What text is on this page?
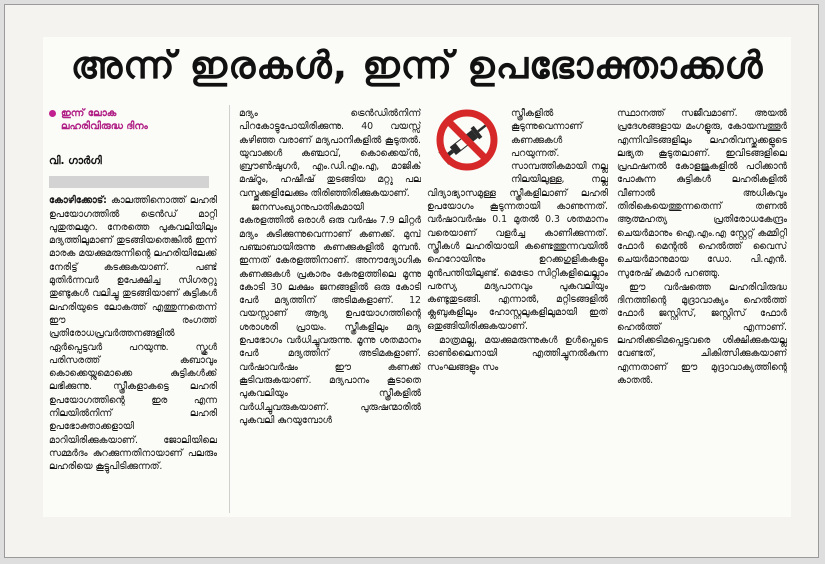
അന്ന് ഇരകൾ, ഇന്ന് ഉപഭോക്താക്കൾ
ഇന്ന് ലോക
ലഹരിവിരുദ്ധ ദിനം
വി. ഗാർഗി

കോഴിക്കോട്: കാലത്തിനൊത്ത് ലഹരി ഉപയോഗത്തിൽ ട്രെൻഡ് മാറ്റി പുതുതലമുറ. നേരത്തെ പുകവലിയിലും മദ്യത്തിലുമാണ് തുടങ്ങിയതെങ്കിൽ ഇന്ന് മാരക മയക്കുമരുന്നിന്റെ ലഹരിയിലേക്ക് നേരിട്ട് കടക്കുകയാണ്. പണ്ട് മുതിർന്നവർ ഉപേക്ഷിച്ച സിഗരറ്റു തുണ്ടുകൾ വലിച്ചു തുടങ്ങിയാണ് കുട്ടികൾ ലഹരിയുടെ ലോകത്ത് എത്തുന്നതെന്ന് ഈ രംഗത്ത് പ്രതിരോധപ്രവർത്തനങ്ങളിൽ ഏർപ്പെട്ടവർ പറയുന്നു. സ്കൂൾ പരിസരത്ത് കബാവും കൊക്കെയ്നുമൊക്കെ കുട്ടികൾക്ക് ലഭിക്കുന്നു. സ്ത്രീകളാകട്ടെ ലഹരി ഉപയോഗത്തിന്റെ ഇര എന്ന നിലയിൽനിന്ന് ലഹരി ഉപഭോക്താക്കളായി മാറിയിരിക്കുകയാണ്. ജോലിയിലെ സമ്മർദം കുറക്കുന്നതിനായാണ് പലരും ലഹരിയെ കൂട്ടുപിടിക്കുന്നത്.

മദ്യം ട്രെൻഡിൽനിന്ന് പിറകോട്ടുപോയിരിക്കുന്നു. 40 വയസ്സ് കഴിഞ്ഞ വരാണ് മദ്യപാനികളിൽ കൂടുതൽ. യുവാക്കൾ കഞ്ചാവ്, കൊക്കെയ്ൻ, ബ്രൗൺഷുഗർ, എം.ഡി.എം.എ, മാജിക് മഷ്റൂം, ഹഷീഷ് തുടങ്ങിയ മറ്റു പല വസ്തുക്കളിലേക്കും തിരിഞ്ഞിരിക്കുകയാണ്.

ജനസംഖ്യാനുപാതികമായി കേരളത്തിൽ ഒരാൾ ഒരു വർഷം 7.9 ലിറ്റർ മദ്യം കുടിക്കുന്നുവെന്നാണ് കണക്ക്. മുമ്പ് പഞ്ചാബായിരുന്നു കണക്കുകളിൽ മുമ്പൻ. ഇന്നത് കേരളത്തിനാണ്. അനൗദ്യോഗിക കണക്കുകൾ പ്രകാരം കേരളത്തിലെ മൂന്നു കോടി 30 ലക്ഷം ജനങ്ങളിൽ ഒരു കോടി പേർ മദ്യത്തിന് അടിമകളാണ്. 12 വയസ്സാണ് ആദ്യ ഉപയോഗത്തിന്റെ ശരാശരി പ്രായം. സ്ത്രീകളിലും മദ്യ ഉപഭോഗം വർധിച്ചുവരുന്നു. മൂന്നു ശതമാനം പേർ മദ്യത്തിന് അടിമകളാണ്. വർഷാവർഷം ഈ കണക്ക് കൂടിവരുകയാണ്. മദ്യപാനം കൂടാതെ പുകവലിയും സ്ത്രീകളിൽ വർധിച്ചുവരുകയാണ്. പുരുഷന്മാരിൽ പുകവലി കുറയുമ്പോൾ

സ്ത്രീകളിൽ കൂടുന്നുവെന്നാണ് കണക്കുകൾ പറയുന്നത്. സാമ്പത്തികമായി നല്ല നിലയിലുള്ള, നല്ല വിദ്യാഭ്യാസമുള്ള സ്ത്രീകളിലാണ് ലഹരി ഉപയോഗം കൂടുന്നതായി കാണുന്നത്. വർഷാവർഷം 0.1 മുതൽ 0.3 ശതമാനം വരെയാണ് വളർച്ച കാണിക്കുന്നത്. സ്ത്രീകൾ ലഹരിയായി കണ്ടെത്തുന്നവയിൽ ഹെറോയിനും ഉറക്കഗുളികകളും മുൻപന്തിയിലുണ്ട്. മെട്രോ സിറ്റികളിലെല്ലാം പരസ്യ മദ്യപാനവും പുകവലിയും കണ്ടുതുടങ്ങി. എന്നാൽ, മറ്റിടങ്ങളിൽ ക്ലബുകളിലും ഹോസ്റ്റലുകളിലുമായി ഇത് ഒതുങ്ങിയിരിക്കുകയാണ്.

മാത്രമല്ല, മയക്കുമരുന്നുകൾ ഉൾപ്പെടെ ഓൺലൈനായി എത്തിച്ചുനൽകുന്ന സംഘങ്ങളും സം

സ്ഥാനത്ത് സജീവമാണ്. അയൽ പ്രദേശങ്ങളായ മംഗളൂരു, കോയമ്പത്തൂർ എന്നിവിടങ്ങളിലും ലഹരിവസ്തുക്കളുടെ ലഭ്യത കൂടുതലാണ്. ഇവിടങ്ങളിലെ പ്രഫഷനൽ കോളജുകളിൽ പഠിക്കാൻ പോകുന്ന കുട്ടികൾ ലഹരികളിൽ വീണാൽ അധികവും തിരികെയെത്തുന്നതെന്ന് തണൽ ആത്മഹത്യ പ്രതിരോധകേന്ദ്രം ചെയർമാനും ഐ.എം.എ സ്റ്റേറ്റ് കമ്മിറ്റി ഫോർ മെന്റൽ ഹെൽത്ത് വൈസ് ചെയർമാനുമായ ഡോ. പി.എൻ. സുരേഷ് കുമാർ പറഞ്ഞു.

ഈ വർഷത്തെ ലഹരിവിരുദ്ധ ദിനത്തിന്റെ മുദ്രാവാക്യം ഹെൽത്ത് ഫോർ ജസ്റ്റിസ്, ജസ്റ്റിസ് ഫോർ ഹെൽത്ത് എന്നാണ്. ലഹരിക്കടിമപ്പെട്ടവരെ ശിക്ഷിക്കുകയല്ല വേണ്ടത്, ചികിത്സിക്കുകയാണ് എന്നതാണ് ഈ മുദ്രാവാക്യത്തിന്റെ കാതൽ.
